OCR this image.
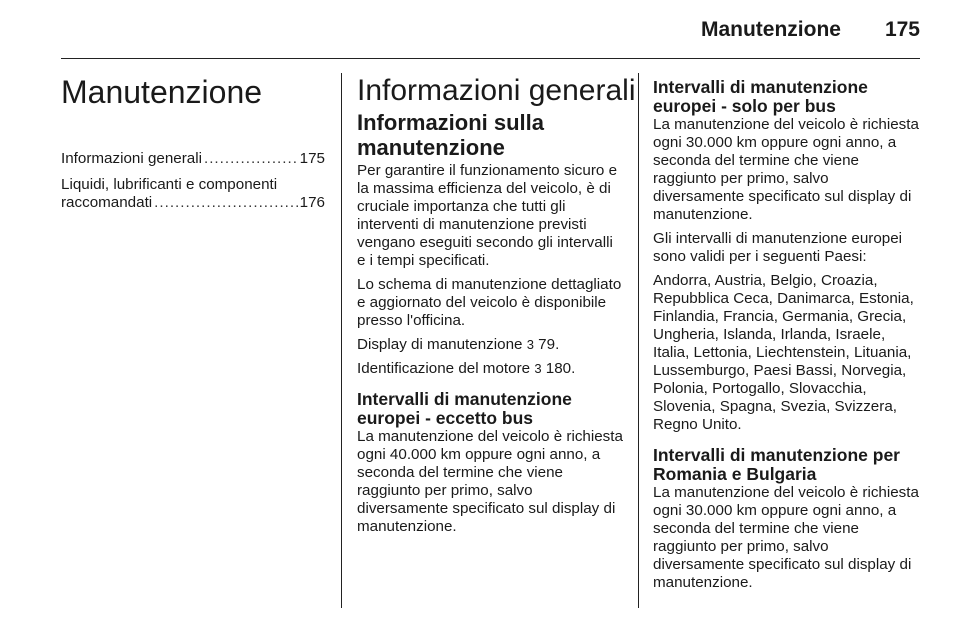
Manutenzione 175
Manutenzione
Informazioni generali .....	175
Liquidi, lubrificanti e componenti
raccomandati .....	176
Informazioni generali
Informazioni sulla manutenzione

Per garantire il funzionamento sicuro e la massima efficienza del veicolo, è di cruciale importanza che tutti gli interventi di manutenzione previsti vengano eseguiti secondo gli intervalli e i tempi specificati.

Lo schema di manutenzione dettagliato e aggiornato del veicolo è disponibile presso l'officina.

Display di manutenzione 3 79.

Identificazione del motore 3 180.

Intervalli di manutenzione europei - eccetto bus

La manutenzione del veicolo è richiesta ogni 40.000 km oppure ogni anno, a seconda del termine che viene raggiunto per primo, salvo diversamente specificato sul display di manutenzione.

Intervalli di manutenzione europei - solo per bus

La manutenzione del veicolo è richiesta ogni 30.000 km oppure ogni anno, a seconda del termine che viene raggiunto per primo, salvo diversamente specificato sul display di manutenzione.

Gli intervalli di manutenzione europei sono validi per i seguenti Paesi:

Andorra, Austria, Belgio, Croazia, Repubblica Ceca, Danimarca, Estonia, Finlandia, Francia, Germania, Grecia, Ungheria, Islanda, Irlanda, Israele, Italia, Lettonia, Liechtenstein, Lituania, Lussemburgo, Paesi Bassi, Norvegia, Polonia, Portogallo, Slovacchia, Slovenia, Spagna, Svezia, Svizzera, Regno Unito.

Intervalli di manutenzione per Romania e Bulgaria

La manutenzione del veicolo è richiesta ogni 30.000 km oppure ogni anno, a seconda del termine che viene raggiunto per primo, salvo diversamente specificato sul display di manutenzione.
